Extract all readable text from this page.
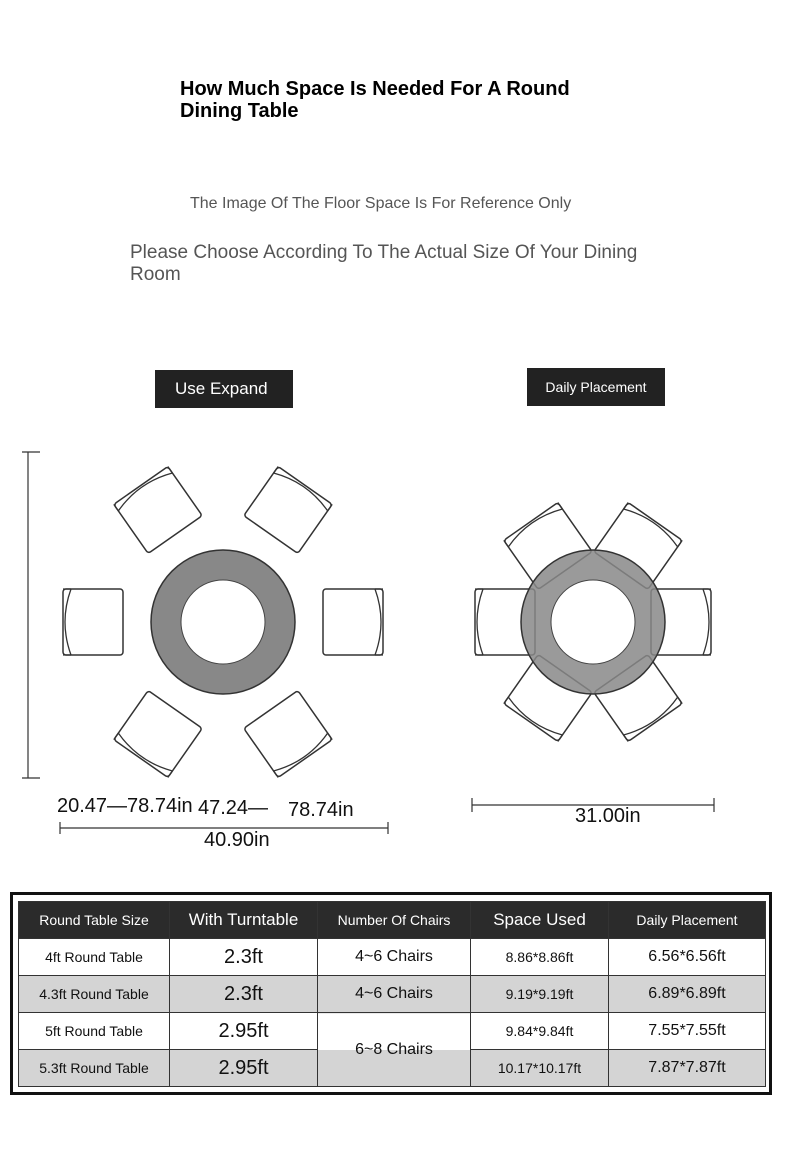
How Much Space Is Needed For A Round Dining Table
The Image Of The Floor Space Is For Reference Only
Please Choose According To The Actual Size Of Your Dining Room
Use Expand	Daily Placement
20.47—78.74in 47.24— 78.74in
40.90in
31.00in
Round Table Size	With Turntable	Number Of Chairs	Space Used	Daily Placement
4ft Round Table	2.3ft	4~6 Chairs	8.86*8.86ft	6.56*6.56ft
4.3ft Round Table	2.3ft	4~6 Chairs	9.19*9.19ft	6.89*6.89ft
5ft Round Table	2.95ft	6~8 Chairs	9.84*9.84ft	7.55*7.55ft
5.3ft Round Table	2.95ft		10.17*10.17ft	7.87*7.87ft
